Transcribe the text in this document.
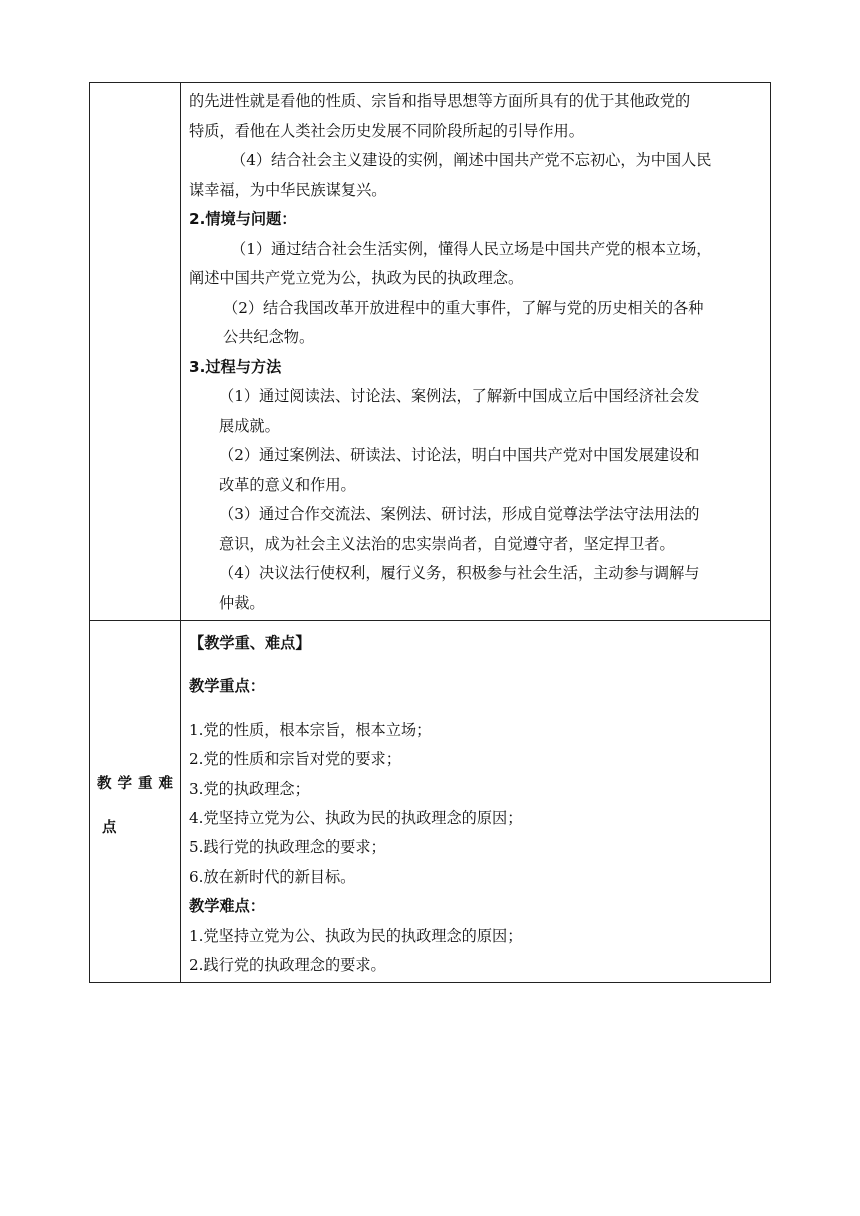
的先进性就是看他的性质、宗旨和指导思想等方面所具有的优于其他政党的
特质，看他在人类社会历史发展不同阶段所起的引导作用。
（4）结合社会主义建设的实例，阐述中国共产党不忘初心，为中国人民
谋幸福，为中华民族谋复兴。
2.情境与问题：
（1）通过结合社会生活实例，懂得人民立场是中国共产党的根本立场，
阐述中国共产党立党为公，执政为民的执政理念。
（2）结合我国改革开放进程中的重大事件，了解与党的历史相关的各种
公共纪念物。
3.过程与方法
（1）通过阅读法、讨论法、案例法，了解新中国成立后中国经济社会发
展成就。
（2）通过案例法、研读法、讨论法，明白中国共产党对中国发展建设和
改革的意义和作用。
（3）通过合作交流法、案例法、研讨法，形成自觉尊法学法守法用法的
意识，成为社会主义法治的忠实崇尚者，自觉遵守者，坚定捍卫者。
（4）决议法行使权利，履行义务，积极参与社会生活，主动参与调解与
仲裁。
教学重难
点
【教学重、难点】
教学重点：
1.党的性质，根本宗旨，根本立场；
2.党的性质和宗旨对党的要求；
3.党的执政理念；
4.党坚持立党为公、执政为民的执政理念的原因；
5.践行党的执政理念的要求；
6.放在新时代的新目标。
教学难点：
1.党坚持立党为公、执政为民的执政理念的原因；
2.践行党的执政理念的要求。
